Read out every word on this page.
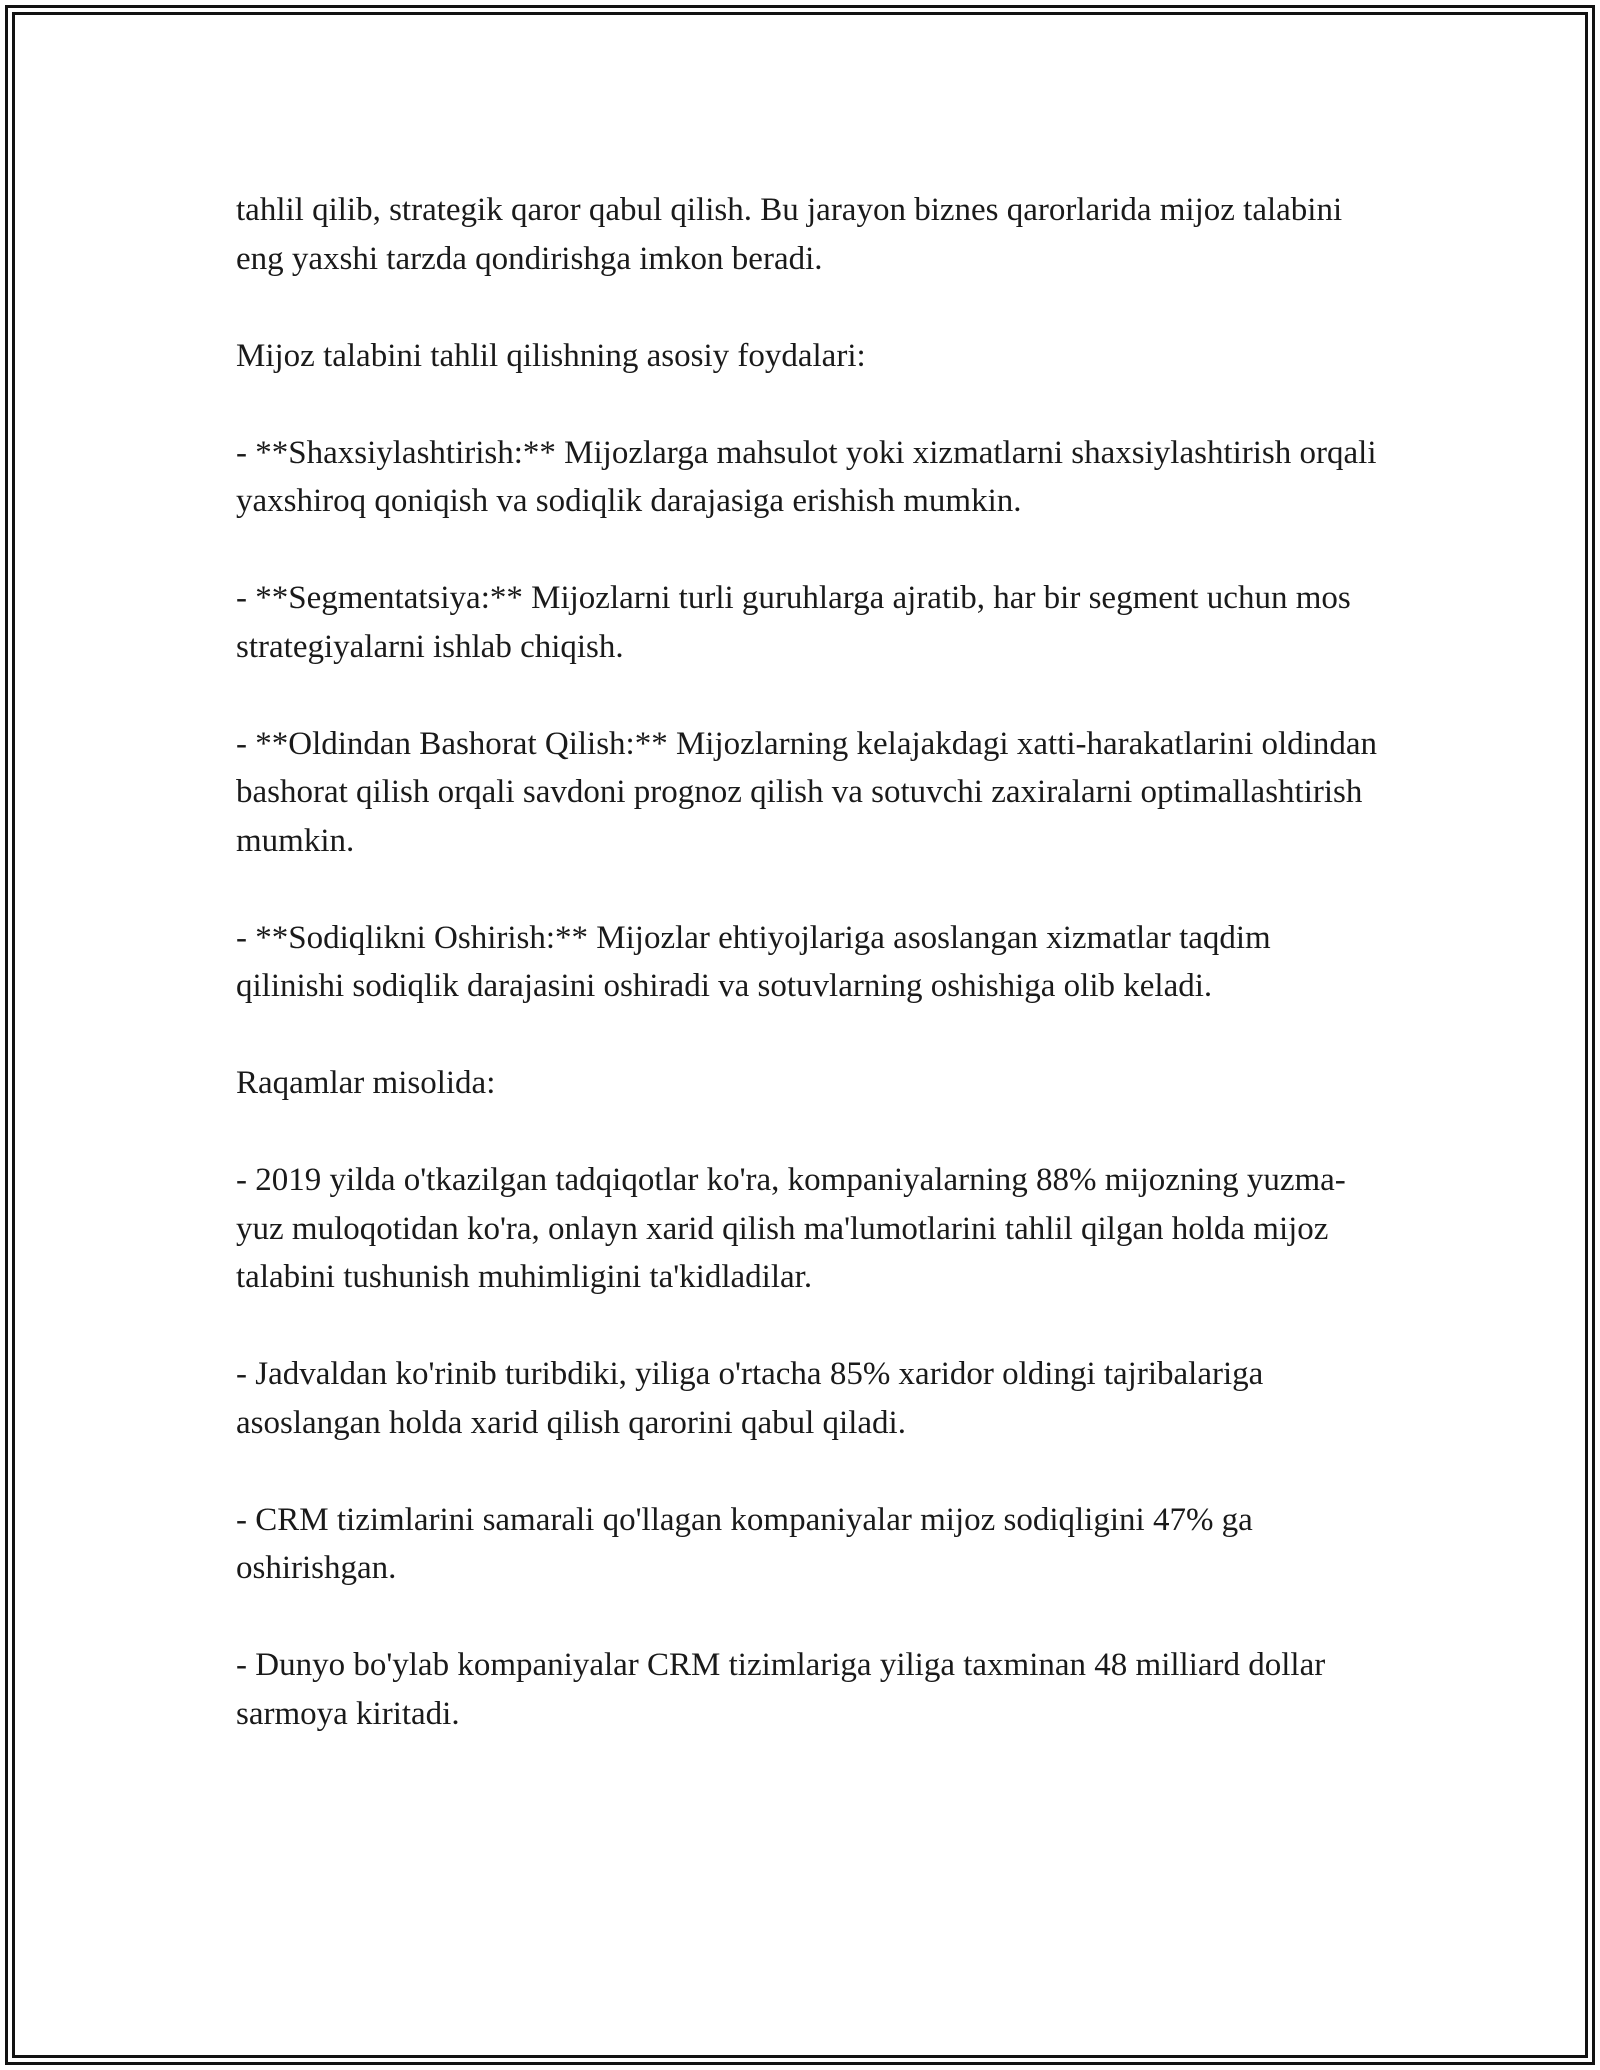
tahlil qilib, strategik qaror qabul qilish. Bu jarayon biznes qarorlarida mijoz talabini eng yaxshi tarzda qondirishga imkon beradi.

Mijoz talabini tahlil qilishning asosiy foydalari:

- **Shaxsiylashtirish:** Mijozlarga mahsulot yoki xizmatlarni shaxsiylashtirish orqali yaxshiroq qoniqish va sodiqlik darajasiga erishish mumkin.

- **Segmentatsiya:** Mijozlarni turli guruhlarga ajratib, har bir segment uchun mos strategiyalarni ishlab chiqish.

- **Oldindan Bashorat Qilish:** Mijozlarning kelajakdagi xatti-harakatlarini oldindan bashorat qilish orqali savdoni prognoz qilish va sotuvchi zaxiralarni optimallashtirish mumkin.

- **Sodiqlikni Oshirish:** Mijozlar ehtiyojlariga asoslangan xizmatlar taqdim qilinishi sodiqlik darajasini oshiradi va sotuvlarning oshishiga olib keladi.

Raqamlar misolida:

- 2019 yilda o'tkazilgan tadqiqotlar ko'ra, kompaniyalarning 88% mijozning yuzma-yuz muloqotidan ko'ra, onlayn xarid qilish ma'lumotlarini tahlil qilgan holda mijoz talabini tushunish muhimligini ta'kidladilar.

- Jadvaldan ko'rinib turibdiki, yiliga o'rtacha 85% xaridor oldingi tajribalariga asoslangan holda xarid qilish qarorini qabul qiladi.

- CRM tizimlarini samarali qo'llagan kompaniyalar mijoz sodiqligini 47% ga oshirishgan.

- Dunyo bo'ylab kompaniyalar CRM tizimlariga yiliga taxminan 48 milliard dollar sarmoya kiritadi.
